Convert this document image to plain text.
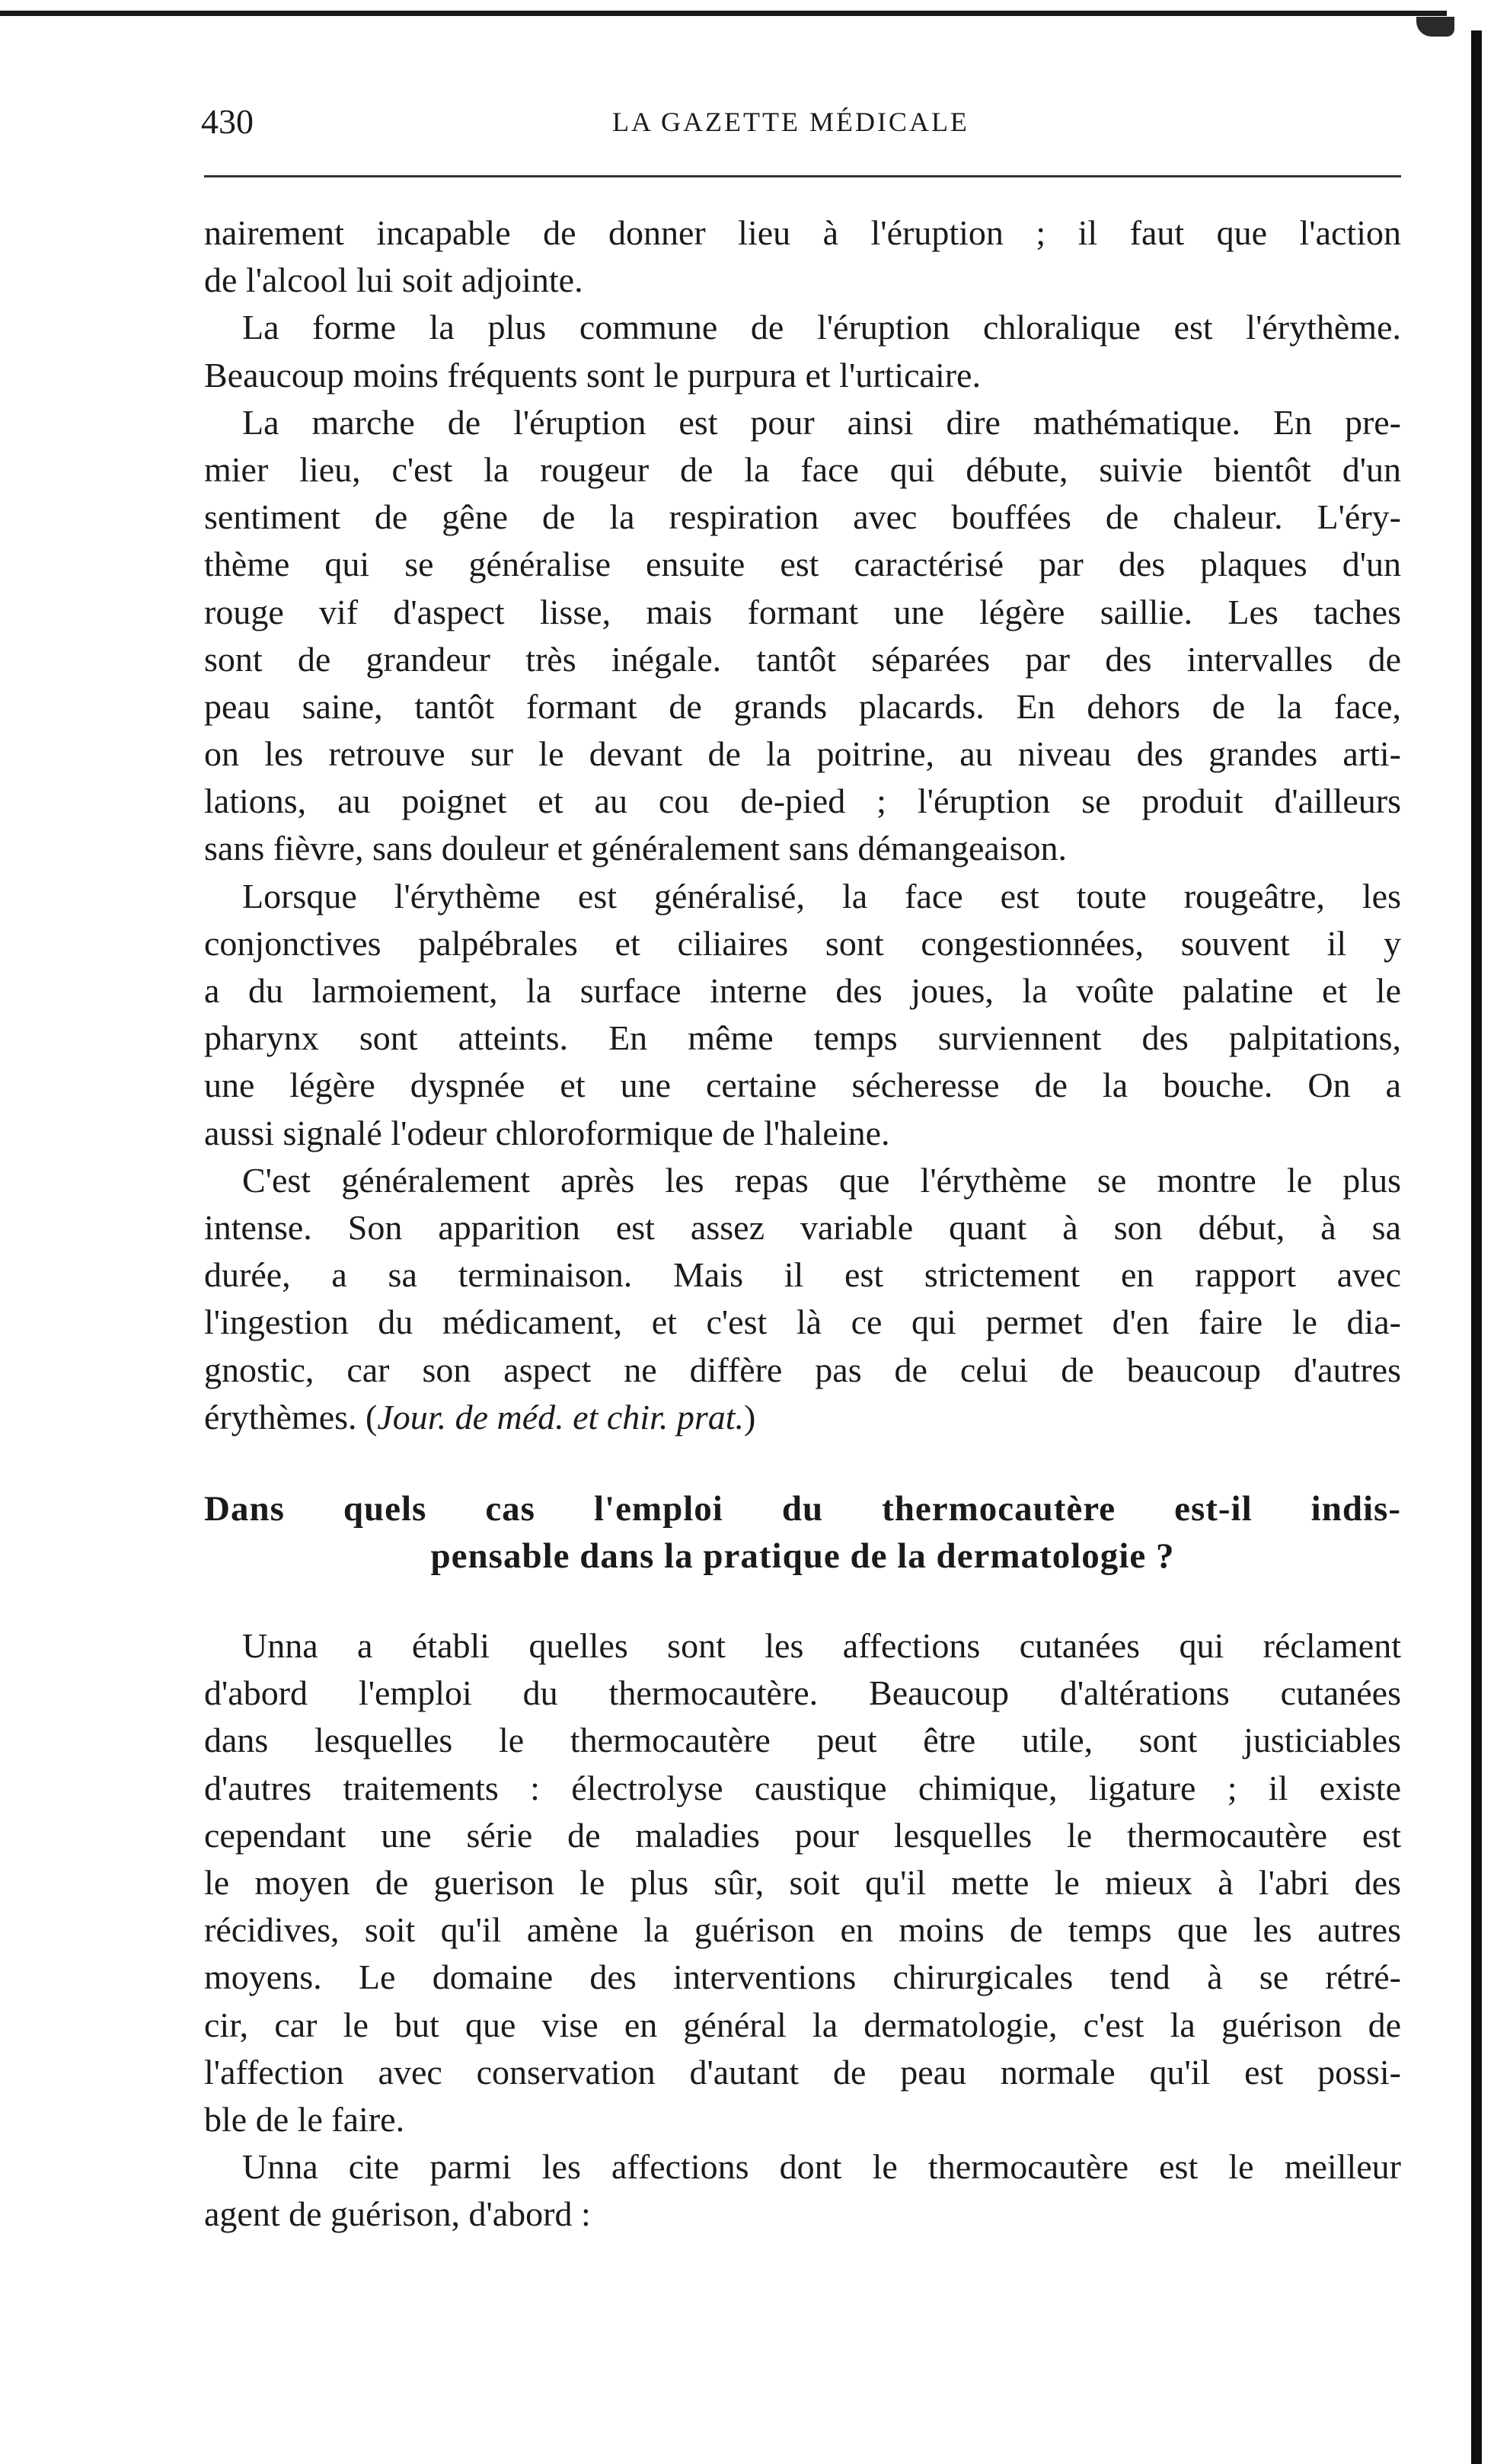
430	LA GAZETTE MÉDICALE
nairement incapable de donner lieu à l'éruption ; il faut que l'action
de l'alcool lui soit adjointe.
La forme la plus commune de l'éruption chloralique est l'érythème.
Beaucoup moins fréquents sont le purpura et l'urticaire.
La marche de l'éruption est pour ainsi dire mathématique. En pre-
mier lieu, c'est la rougeur de la face qui débute, suivie bientôt d'un
sentiment de gêne de la respiration avec bouffées de chaleur. L'éry-
thème qui se généralise ensuite est caractérisé par des plaques d'un
rouge vif d'aspect lisse, mais formant une légère saillie. Les taches
sont de grandeur très inégale. tantôt séparées par des intervalles de
peau saine, tantôt formant de grands placards. En dehors de la face,
on les retrouve sur le devant de la poitrine, au niveau des grandes arti-
lations, au poignet et au cou de-pied ; l'éruption se produit d'ailleurs
sans fièvre, sans douleur et généralement sans démangeaison.
Lorsque l'érythème est généralisé, la face est toute rougeâtre, les
conjonctives palpébrales et ciliaires sont congestionnées, souvent il y
a du larmoiement, la surface interne des joues, la voûte palatine et le
pharynx sont atteints. En même temps surviennent des palpitations,
une légère dyspnée et une certaine sécheresse de la bouche. On a
aussi signalé l'odeur chloroformique de l'haleine.
C'est généralement après les repas que l'érythème se montre le plus
intense. Son apparition est assez variable quant à son début, à sa
durée, a sa terminaison. Mais il est strictement en rapport avec
l'ingestion du médicament, et c'est là ce qui permet d'en faire le dia-
gnostic, car son aspect ne diffère pas de celui de beaucoup d'autres
érythèmes. (Jour. de méd. et chir. prat.)
Dans quels cas l'emploi du thermocautère est-il indis-
pensable dans la pratique de la dermatologie ?
Unna a établi quelles sont les affections cutanées qui réclament
d'abord l'emploi du thermocautère. Beaucoup d'altérations cutanées
dans lesquelles le thermocautère peut être utile, sont justiciables
d'autres traitements : électrolyse caustique chimique, ligature ; il existe
cependant une série de maladies pour lesquelles le thermocautère est
le moyen de guerison le plus sûr, soit qu'il mette le mieux à l'abri des
récidives, soit qu'il amène la guérison en moins de temps que les autres
moyens. Le domaine des interventions chirurgicales tend à se rétré-
cir, car le but que vise en général la dermatologie, c'est la guérison de
l'affection avec conservation d'autant de peau normale qu'il est possi-
ble de le faire.
Unna cite parmi les affections dont le thermocautère est le meilleur
agent de guérison, d'abord :
